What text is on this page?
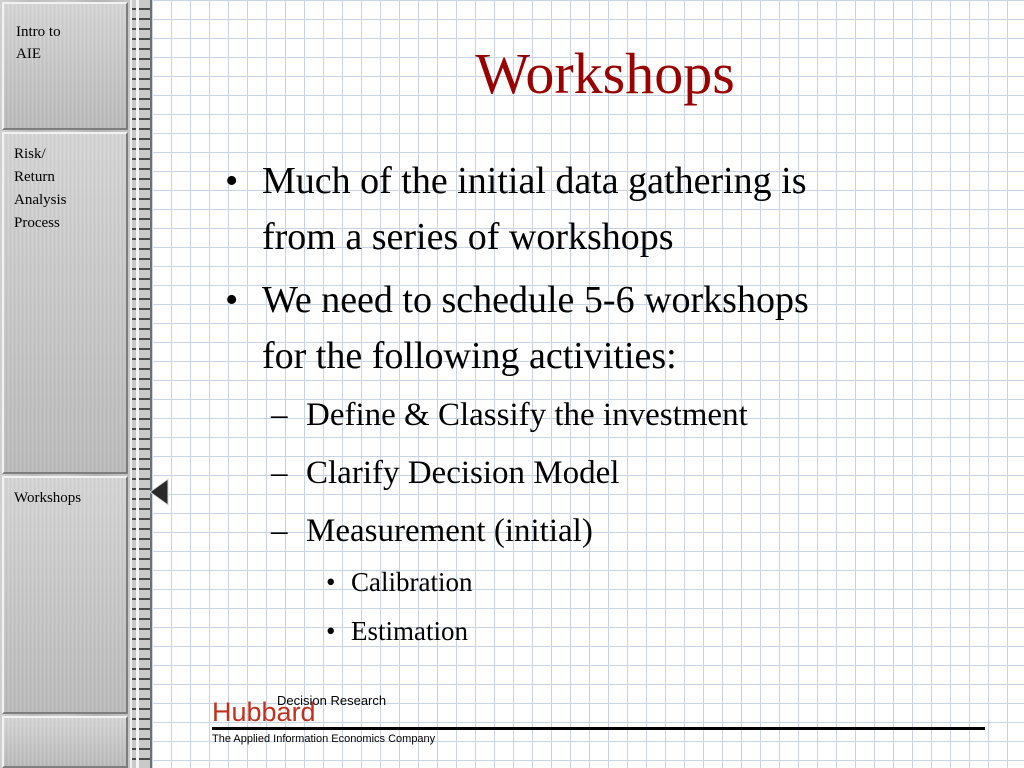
Intro to
AIE
Risk/
Return
Analysis
Process
Workshops
Workshops
• Much of the initial data gathering is
from a series of workshops
• We need to schedule 5-6 workshops
for the following activities:
– Define & Classify the investment
– Clarify Decision Model
– Measurement (initial)
• Calibration
• Estimation
Decision Research
Hubbard
The Applied Information Economics Company
